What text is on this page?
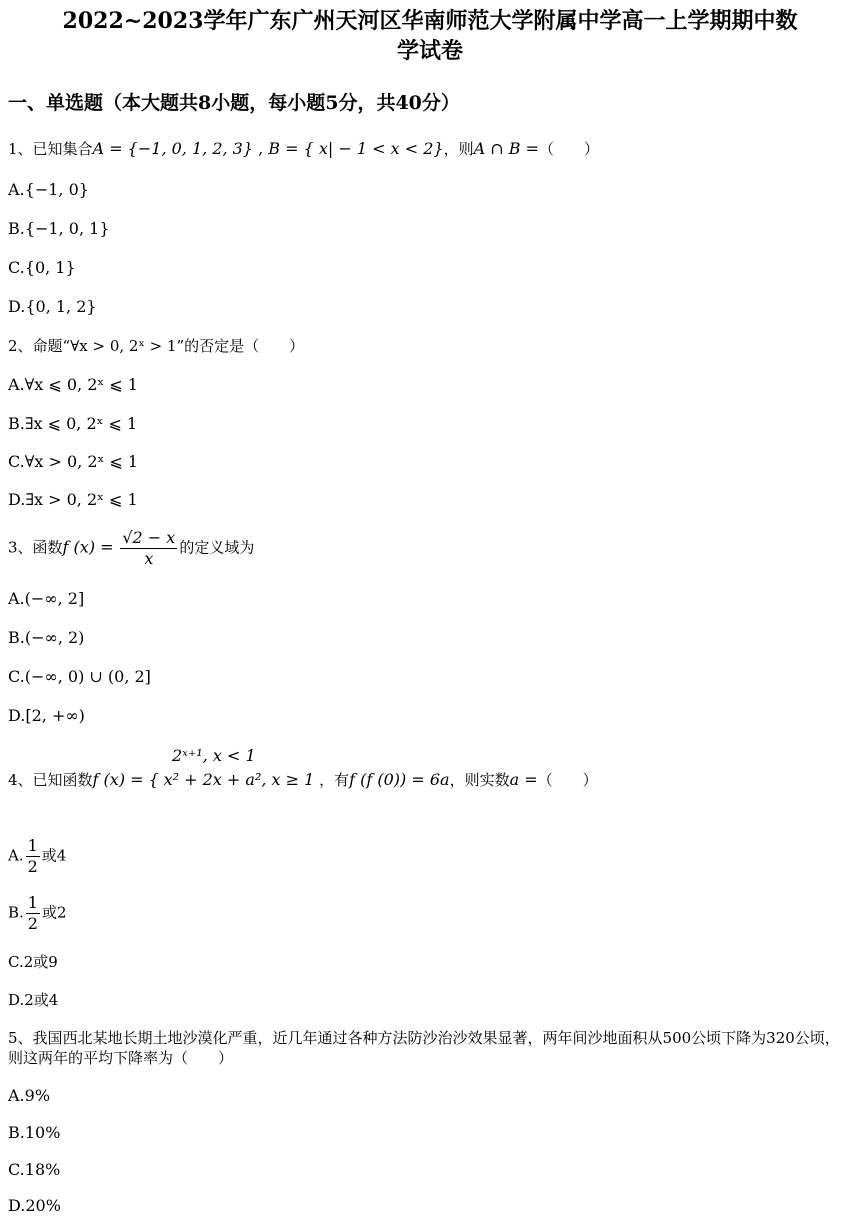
2022~2023学年广东广州天河区华南师范大学附属中学高一上学期期中数
学试卷
一、单选题（本大题共8小题，每小题5分，共40分）
1、已知集合A = {−1, 0, 1, 2, 3} , B = { x| − 1 < x < 2}，则A ∩ B =（　　）
A.{−1, 0}
B.{−1, 0, 1}
C.{0, 1}
D.{0, 1, 2}
2、命题“∀x > 0, 2ˣ > 1”的否定是（　　）
A.∀x ⩽ 0, 2ˣ ⩽ 1
B.∃x ⩽ 0, 2ˣ ⩽ 1
C.∀x > 0, 2ˣ ⩽ 1
D.∃x > 0, 2ˣ ⩽ 1
3、函数f $(x) = \frac{√2 - x}{x}$ 的定义域为
A.(−∞, 2]
B.(−∞, 2)
C.(−∞, 0) ∪ (0, 2]
D.[2, +∞)
2ˣ⁺¹, x < 1
4、已知函数f (x) = { x² + 2x + a², x ≥ 1 ，有f (f (0)) = 6a，则实数a =（　　）
A. $\frac{1}{2}$ 或4
B. $\frac{1}{2}$ 或2
C.2或9
D.2或4
5、我国西北某地长期土地沙漠化严重，近几年通过各种方法防沙治沙效果显著，两年间沙地面积从500公顷下降为320公顷，则这两年的平均下降率为（　　）
A.9%
B.10%
C.18%
D.20%
